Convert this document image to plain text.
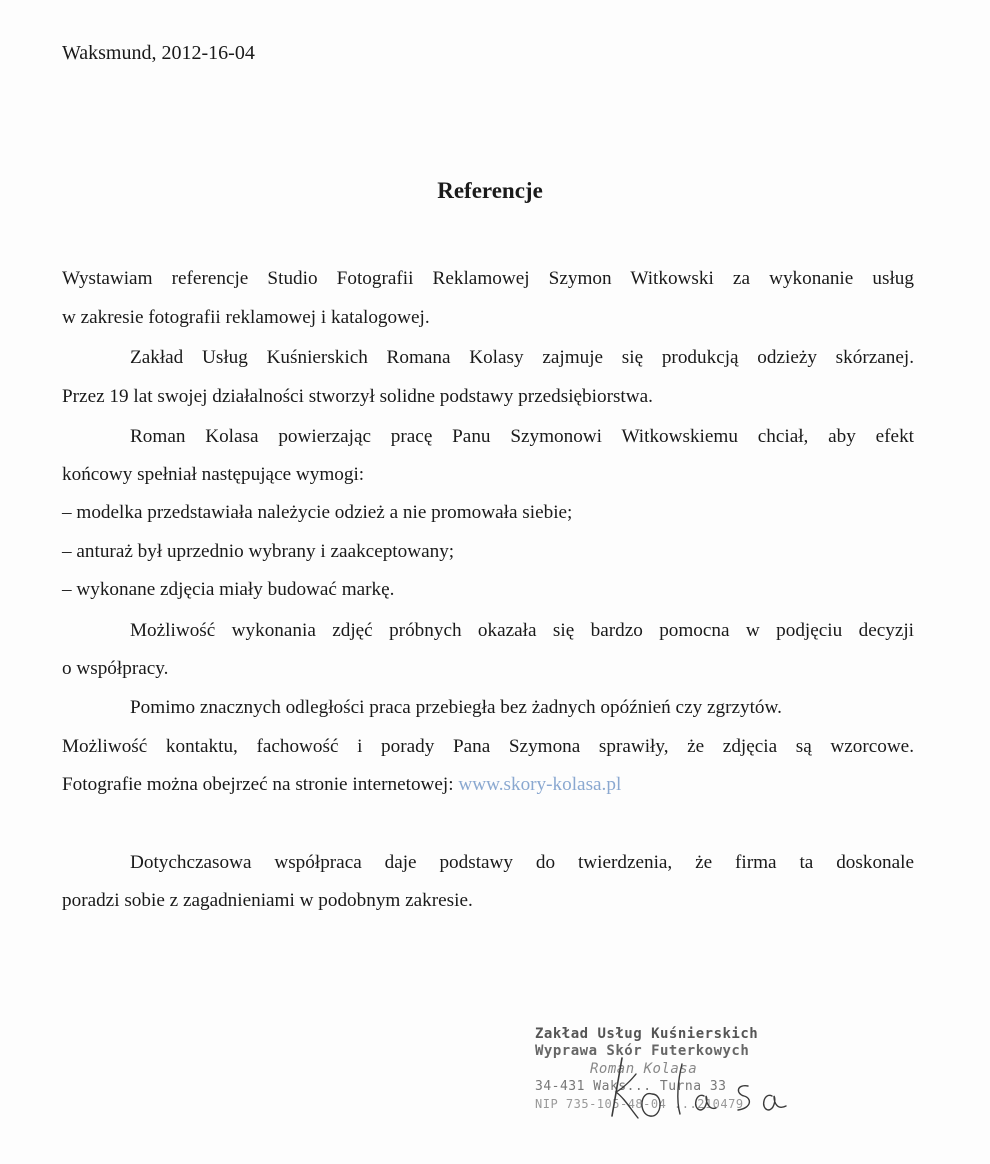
Waksmund, 2012-16-04
Referencje
Wystawiam referencje Studio Fotografii Reklamowej Szymon Witkowski za wykonanie usług
w zakresie fotografii reklamowej i katalogowej.
Zakład Usług Kuśnierskich Romana Kolasy zajmuje się produkcją odzieży skórzanej.
Przez 19 lat swojej działalności stworzył solidne podstawy przedsiębiorstwa.
Roman Kolasa powierzając pracę Panu Szymonowi Witkowskiemu chciał, aby efekt
końcowy spełniał następujące wymogi:
– modelka przedstawiała należycie odzież a nie promowała siebie;
– anturaż był uprzednio wybrany i zaakceptowany;
– wykonane zdjęcia miały budować markę.
Możliwość wykonania zdjęć próbnych okazała się bardzo pomocna w podjęciu decyzji
o współpracy.
Pomimo znacznych odległości praca przebiegła bez żadnych opóźnień czy zgrzytów.
Możliwość kontaktu, fachowość i porady Pana Szymona sprawiły, że zdjęcia są wzorcowe.
Fotografie można obejrzeć na stronie internetowej: www.skory-kolasa.pl
Dotychczasowa współpraca daje podstawy do twierdzenia, że firma ta doskonale
poradzi sobie z zagadnieniami w podobnym zakresie.
Zakład Usług Kuśnierskich
Wyprawa Skór Futerkowych
Roman Kolasa
34-431 Waks... Turna 33
NIP 735-105-48-04 ...210479
